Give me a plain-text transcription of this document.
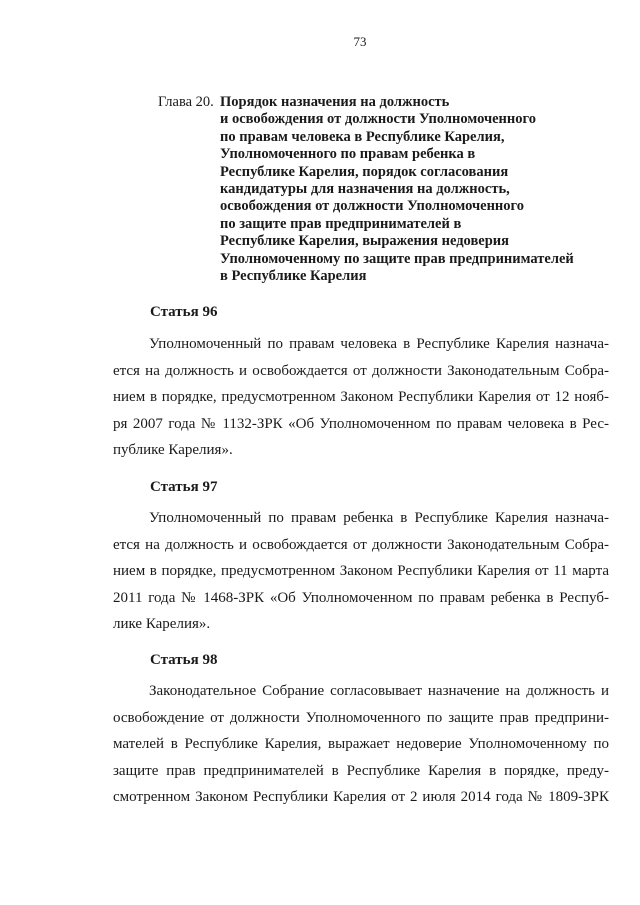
73
Глава 20. Порядок назначения на должность
и освобождения от должности Уполномоченного
по правам человека в Республике Карелия,
Уполномоченного по правам ребенка в
Республике Карелия, порядок согласования
кандидатуры для назначения на должность,
освобождения от должности Уполномоченного
по защите прав предпринимателей в
Республике Карелия, выражения недоверия
Уполномоченному по защите прав предпринимателей
в Республике Карелия
Статья 96
Уполномоченный по правам человека в Республике Карелия назнача-
ется на должность и освобождается от должности Законодательным Собра-
нием в порядке, предусмотренном Законом Республики Карелия от 12 нояб-
ря 2007 года № 1132-ЗРК «Об Уполномоченном по правам человека в Рес-
публике Карелия».
Статья 97
Уполномоченный по правам ребенка в Республике Карелия назнача-
ется на должность и освобождается от должности Законодательным Собра-
нием в порядке, предусмотренном Законом Республики Карелия от 11 марта
2011 года № 1468-ЗРК «Об Уполномоченном по правам ребенка в Респуб-
лике Карелия».
Статья 98
Законодательное Собрание согласовывает назначение на должность и
освобождение от должности Уполномоченного по защите прав предприни-
мателей в Республике Карелия, выражает недоверие Уполномоченному по
защите прав предпринимателей в Республике Карелия в порядке, преду-
смотренном Законом Республики Карелия от 2 июля 2014 года № 1809-ЗРК
